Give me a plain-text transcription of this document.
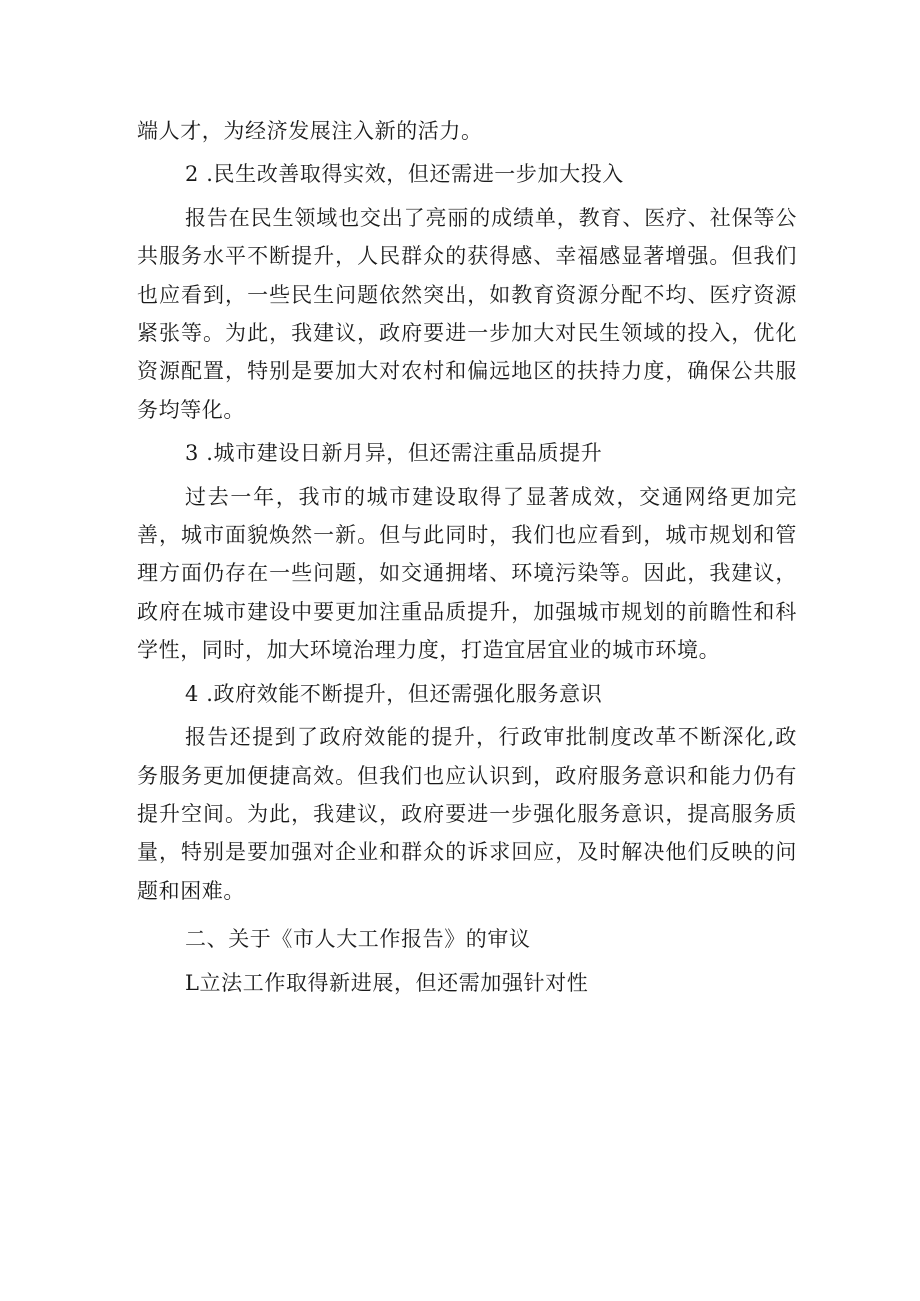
端人才，为经济发展注入新的活力。

2 .民生改善取得实效，但还需进一步加大投入

报告在民生领域也交出了亮丽的成绩单，教育、医疗、社保等公共服务水平不断提升，人民群众的获得感、幸福感显著增强。但我们也应看到，一些民生问题依然突出，如教育资源分配不均、医疗资源紧张等。为此，我建议，政府要进一步加大对民生领域的投入，优化资源配置，特别是要加大对农村和偏远地区的扶持力度，确保公共服务均等化。

3 .城市建设日新月异，但还需注重品质提升

过去一年，我市的城市建设取得了显著成效，交通网络更加完善，城市面貌焕然一新。但与此同时，我们也应看到，城市规划和管理方面仍存在一些问题，如交通拥堵、环境污染等。因此，我建议，政府在城市建设中要更加注重品质提升，加强城市规划的前瞻性和科学性，同时，加大环境治理力度，打造宜居宜业的城市环境。

4 .政府效能不断提升，但还需强化服务意识

报告还提到了政府效能的提升，行政审批制度改革不断深化,政务服务更加便捷高效。但我们也应认识到，政府服务意识和能力仍有提升空间。为此，我建议，政府要进一步强化服务意识，提高服务质量，特别是要加强对企业和群众的诉求回应，及时解决他们反映的问题和困难。

二、关于《市人大工作报告》的审议

L立法工作取得新进展，但还需加强针对性
